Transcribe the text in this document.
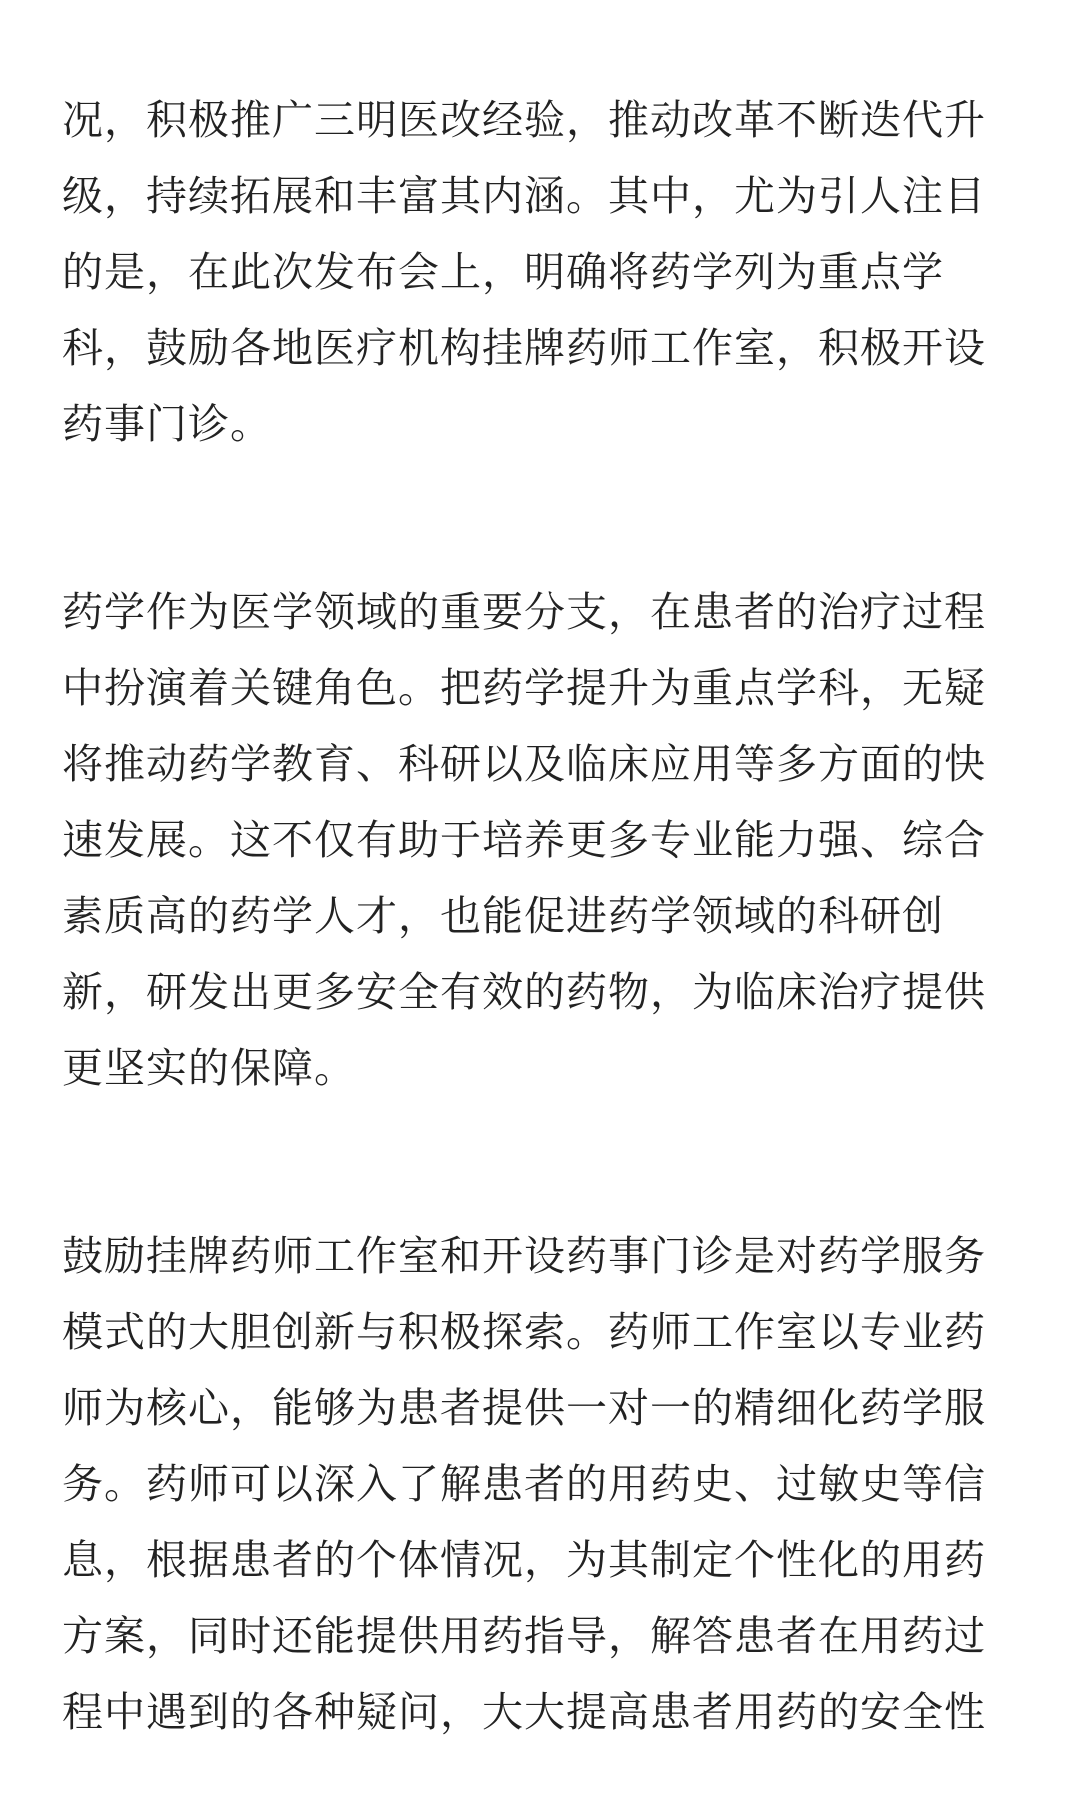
况，积极推广三明医改经验，推动改革不断迭代升
级，持续拓展和丰富其内涵。其中，尤为引人注目
的是，在此次发布会上，明确将药学列为重点学
科，鼓励各地医疗机构挂牌药师工作室，积极开设
药事门诊。
药学作为医学领域的重要分支，在患者的治疗过程
中扮演着关键角色。把药学提升为重点学科，无疑
将推动药学教育、科研以及临床应用等多方面的快
速发展。这不仅有助于培养更多专业能力强、综合
素质高的药学人才，也能促进药学领域的科研创
新，研发出更多安全有效的药物，为临床治疗提供
更坚实的保障。
鼓励挂牌药师工作室和开设药事门诊是对药学服务
模式的大胆创新与积极探索。药师工作室以专业药
师为核心，能够为患者提供一对一的精细化药学服
务。药师可以深入了解患者的用药史、过敏史等信
息，根据患者的个体情况，为其制定个性化的用药
方案，同时还能提供用药指导，解答患者在用药过
程中遇到的各种疑问，大大提高患者用药的安全性
